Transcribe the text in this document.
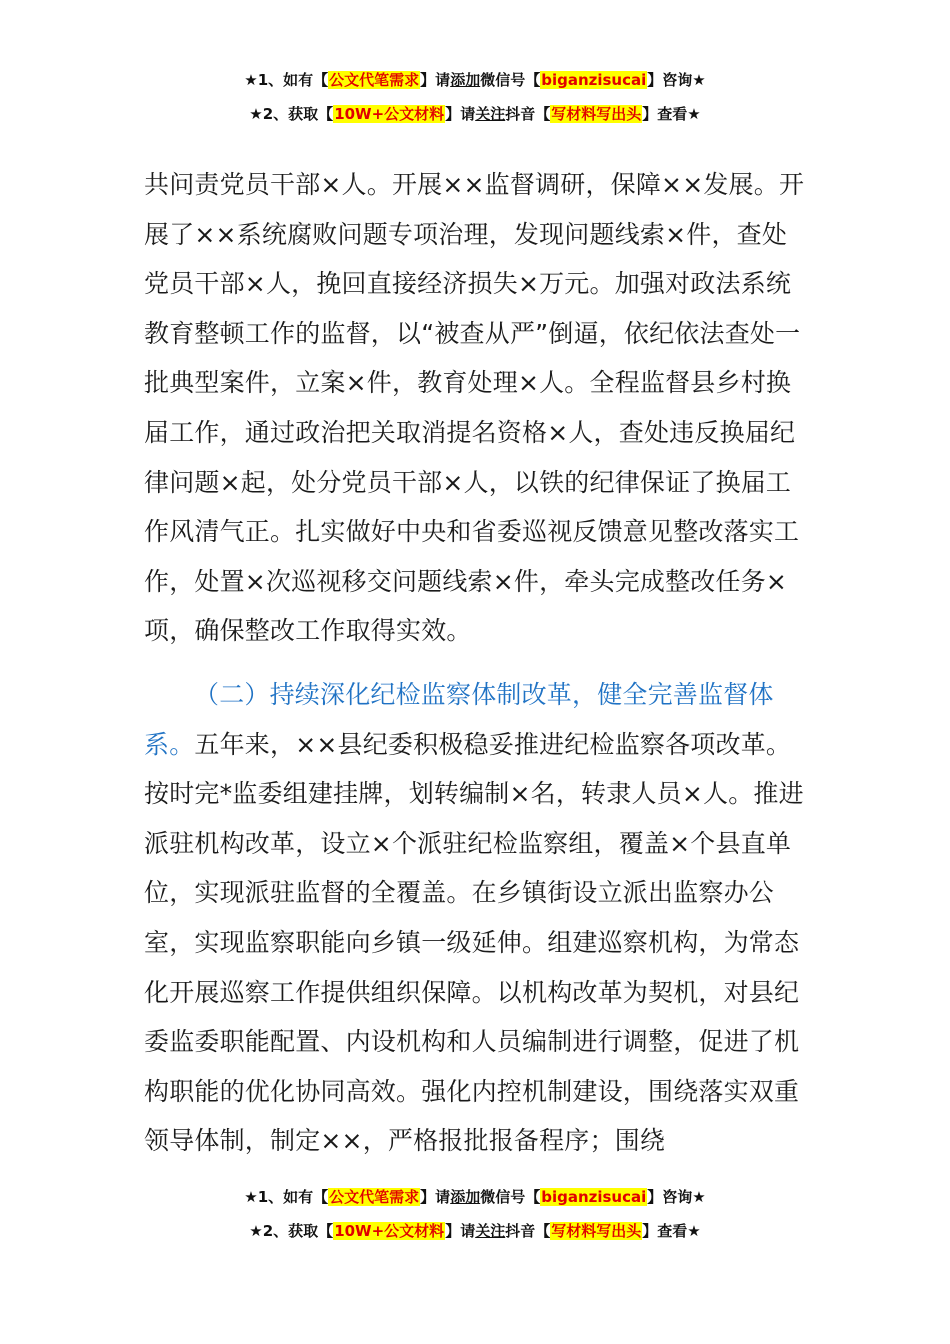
★1、如有【公文代笔需求】请添加微信号【biganzisucai】咨询★
★2、获取【10W+公文材料】请关注抖音【写材料写出头】查看★

共问责党员干部×人。开展××监督调研，保障××发展。开展了××系统腐败问题专项治理，发现问题线索×件，查处党员干部×人，挽回直接经济损失×万元。加强对政法系统教育整顿工作的监督，以“被查从严”倒逼，依纪依法查处一批典型案件，立案×件，教育处理×人。全程监督县乡村换届工作，通过政治把关取消提名资格×人，查处违反换届纪律问题×起，处分党员干部×人，以铁的纪律保证了换届工作风清气正。扎实做好中央和省委巡视反馈意见整改落实工作，处置×次巡视移交问题线索×件，牵头完成整改任务×项，确保整改工作取得实效。

（二）持续深化纪检监察体制改革，健全完善监督体系。五年来，××县纪委积极稳妥推进纪检监察各项改革。按时完*监委组建挂牌，划转编制×名，转隶人员×人。推进派驻机构改革，设立×个派驻纪检监察组，覆盖×个县直单位，实现派驻监督的全覆盖。在乡镇街设立派出监察办公室，实现监察职能向乡镇一级延伸。组建巡察机构，为常态化开展巡察工作提供组织保障。以机构改革为契机，对县纪委监委职能配置、内设机构和人员编制进行调整，促进了机构职能的优化协同高效。强化内控机制建设，围绕落实双重领导体制，制定××，严格报批报备程序；围绕

★1、如有【公文代笔需求】请添加微信号【biganzisucai】咨询★
★2、获取【10W+公文材料】请关注抖音【写材料写出头】查看★
